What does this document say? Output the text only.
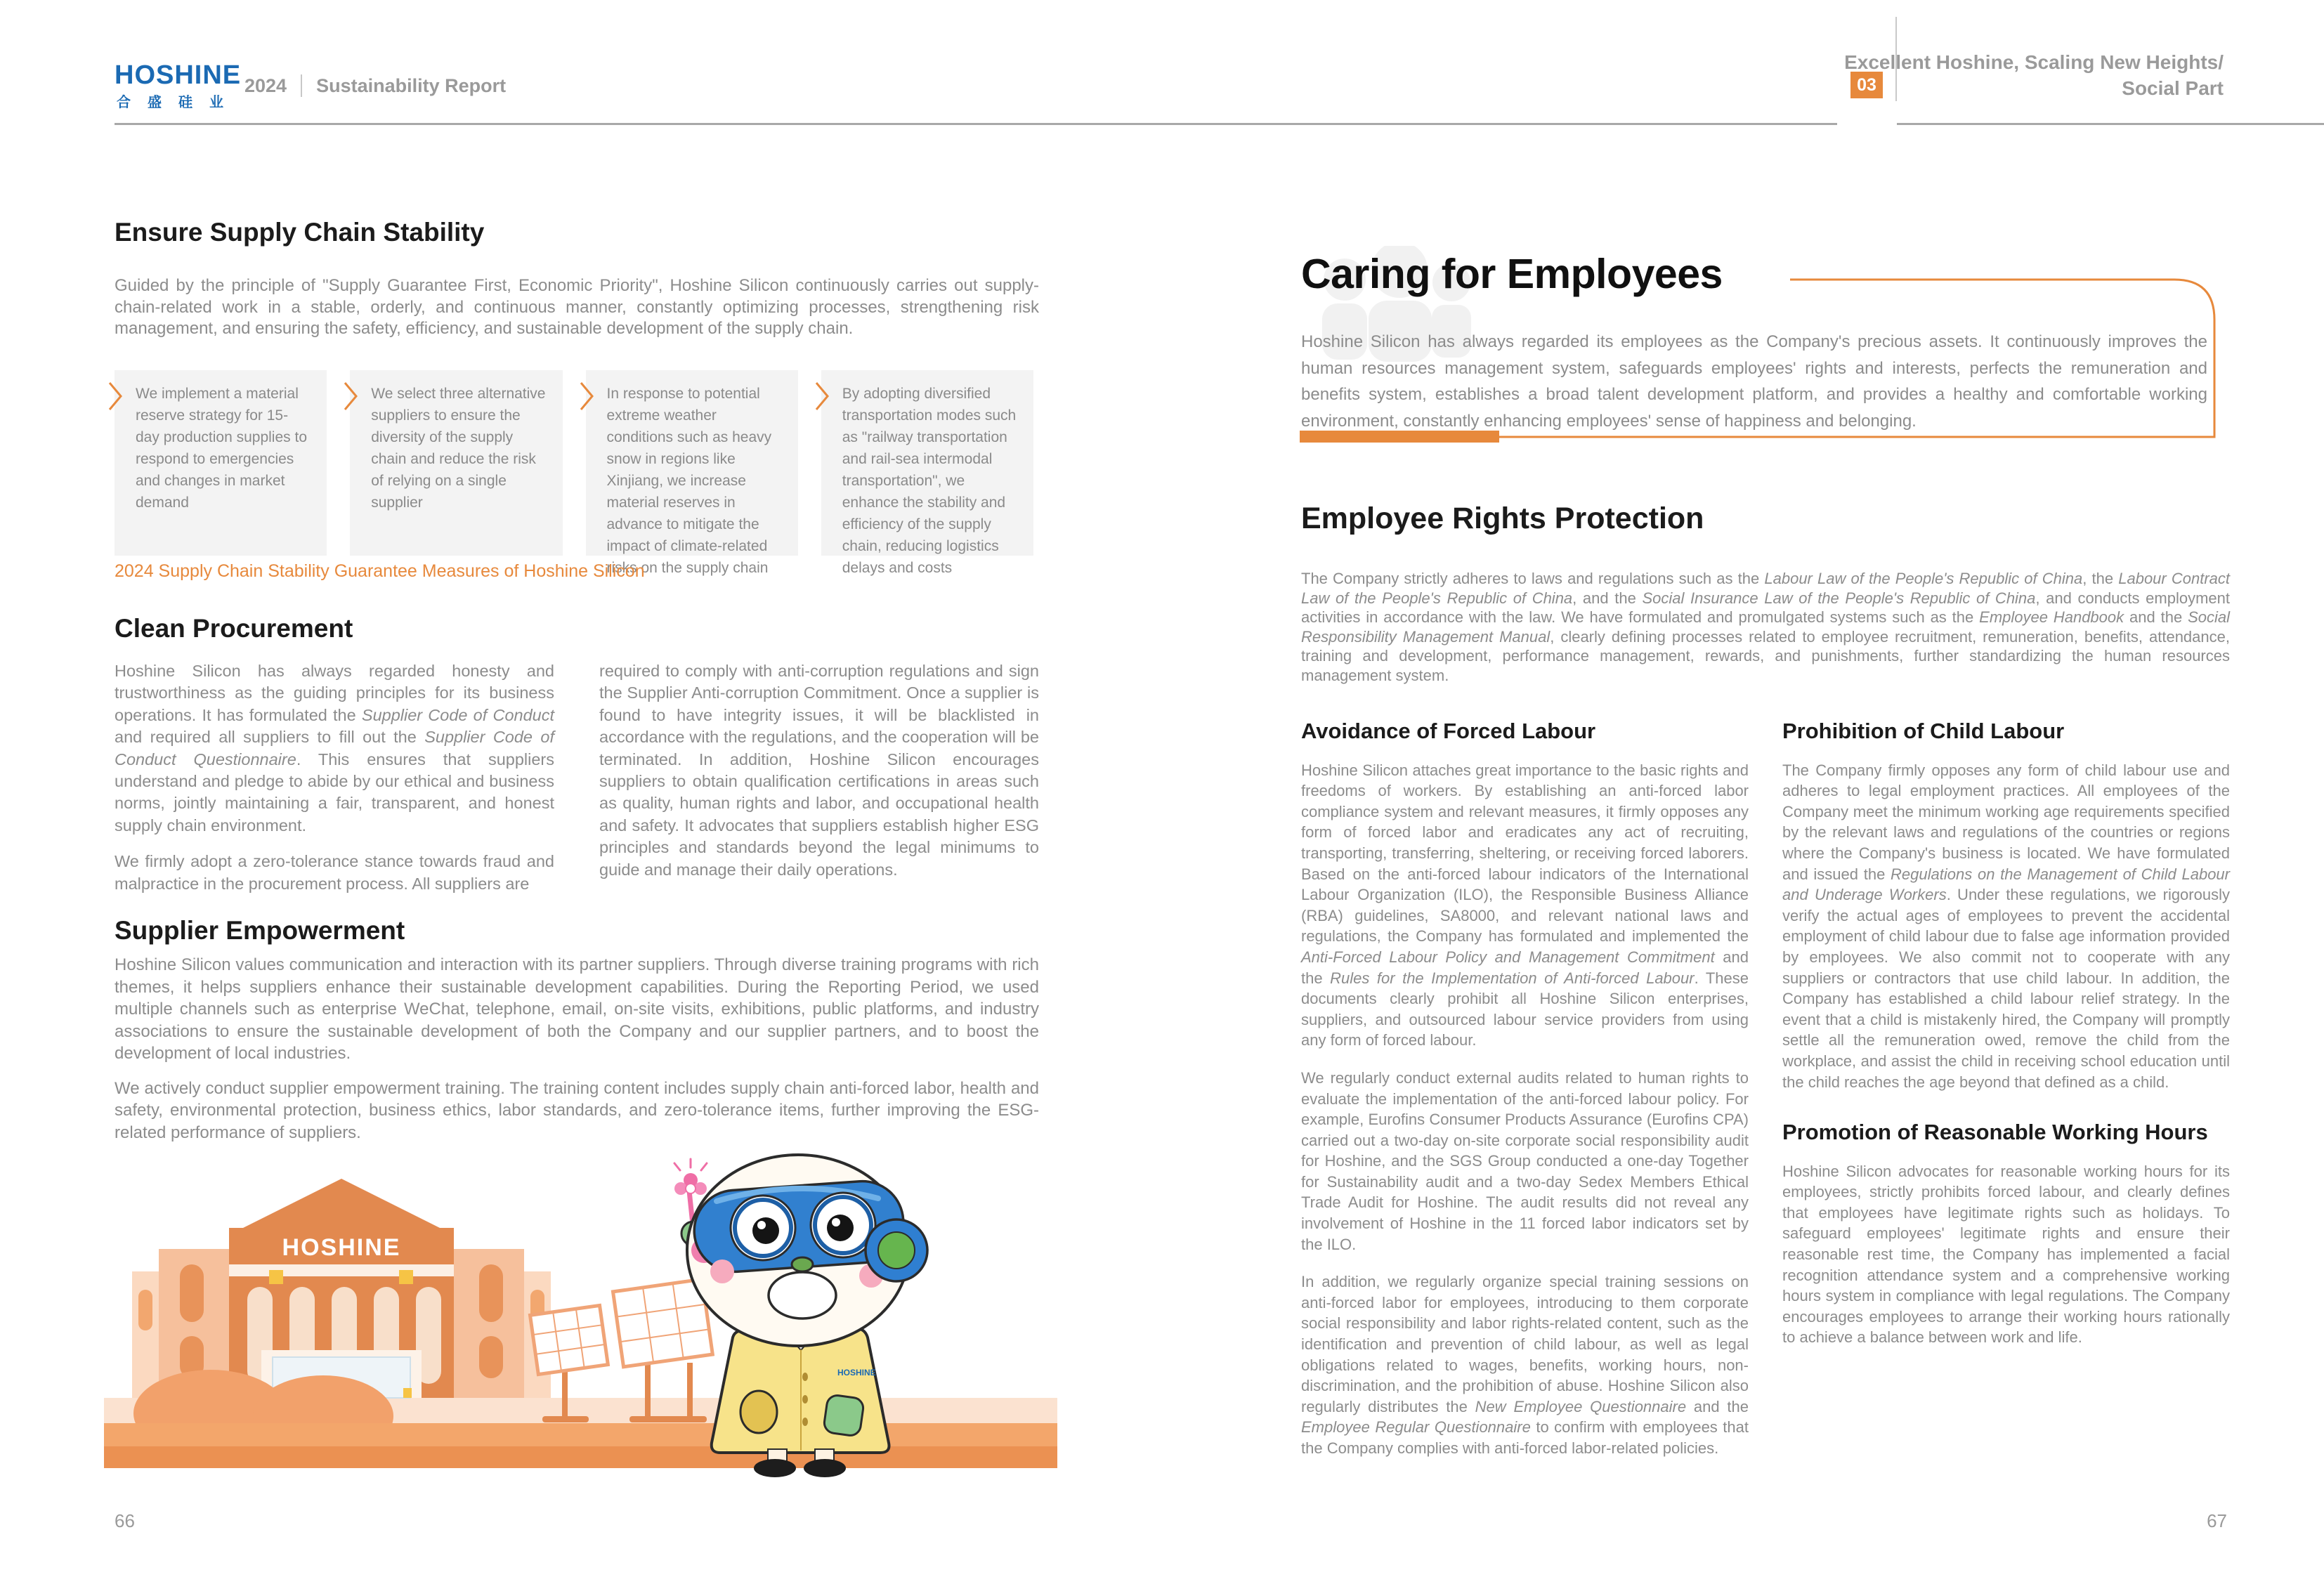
HOSHINE
合盛硅业
2024 Sustainability Report	03
Excellent Hoshine, Scaling New Heights/
Social Part
Ensure Supply Chain Stability
Guided by the principle of "Supply Guarantee First, Economic Priority", Hoshine Silicon continuously carries out supply-chain-related work in a stable, orderly, and continuous manner, constantly optimizing processes, strengthening risk management, and ensuring the safety, efficiency, and sustainable development of the supply chain.
We implement a material reserve strategy for 15-day production supplies to respond to emergencies and changes in market demand
We select three alternative suppliers to ensure the diversity of the supply chain and reduce the risk of relying on a single supplier
In response to potential extreme weather conditions such as heavy snow in regions like Xinjiang, we increase material reserves in advance to mitigate the impact of climate-related risks on the supply chain
By adopting diversified transportation modes such as "railway transportation and rail-sea intermodal transportation", we enhance the stability and efficiency of the supply chain, reducing logistics delays and costs
2024 Supply Chain Stability Guarantee Measures of Hoshine Silicon
Clean Procurement

Hoshine Silicon has always regarded honesty and trustworthiness as the guiding principles for its business operations. It has formulated the Supplier Code of Conduct and required all suppliers to fill out the Supplier Code of Conduct Questionnaire. This ensures that suppliers understand and pledge to abide by our ethical and business norms, jointly maintaining a fair, transparent, and honest supply chain environment.

We firmly adopt a zero-tolerance stance towards fraud and malpractice in the procurement process. All suppliers are

required to comply with anti-corruption regulations and sign the Supplier Anti-corruption Commitment. Once a supplier is found to have integrity issues, it will be blacklisted in accordance with the regulations, and the cooperation will be terminated. In addition, Hoshine Silicon encourages suppliers to obtain qualification certifications in areas such as quality, human rights and labor, and occupational health and safety. It advocates that suppliers establish higher ESG principles and standards beyond the legal minimums to guide and manage their daily operations.

Supplier Empowerment

Hoshine Silicon values communication and interaction with its partner suppliers. Through diverse training programs with rich themes, it helps suppliers enhance their sustainable development capabilities. During the Reporting Period, we used multiple channels such as enterprise WeChat, telephone, email, on-site visits, exhibitions, public platforms, and industry associations to ensure the sustainable development of both the Company and our supplier partners, and to boost the development of local industries.

We actively conduct supplier empowerment training. The training content includes supply chain anti-forced labor, health and safety, environmental protection, business ethics, labor standards, and zero-tolerance items, further improving the ESG-related performance of suppliers.

HOSHINE
HOSHINE
66
Caring for Employees
Hoshine Silicon has always regarded its employees as the Company's precious assets. It continuously improves the human resources management system, safeguards employees' rights and interests, perfects the remuneration and benefits system, establishes a broad talent development platform, and provides a healthy and comfortable working environment, constantly enhancing employees' sense of happiness and belonging.
Employee Rights Protection
The Company strictly adheres to laws and regulations such as the Labour Law of the People's Republic of China, the Labour Contract Law of the People's Republic of China, and the Social Insurance Law of the People's Republic of China, and conducts employment activities in accordance with the law. We have formulated and promulgated systems such as the Employee Handbook and the Social Responsibility Management Manual, clearly defining processes related to employee recruitment, remuneration, benefits, attendance, training and development, performance management, rewards, and punishments, further standardizing the human resources management system.
Avoidance of Forced Labour

Hoshine Silicon attaches great importance to the basic rights and freedoms of workers. By establishing an anti-forced labor compliance system and relevant measures, it firmly opposes any form of forced labor and eradicates any act of recruiting, transporting, transferring, sheltering, or receiving forced laborers. Based on the anti-forced labour indicators of the International Labour Organization (ILO), the Responsible Business Alliance (RBA) guidelines, SA8000, and relevant national laws and regulations, the Company has formulated and implemented the Anti-Forced Labour Policy and Management Commitment and the Rules for the Implementation of Anti-forced Labour. These documents clearly prohibit all Hoshine Silicon enterprises, suppliers, and outsourced labour service providers from using any form of forced labour.

We regularly conduct external audits related to human rights to evaluate the implementation of the anti-forced labour policy. For example, Eurofins Consumer Products Assurance (Eurofins CPA) carried out a two-day on-site corporate social responsibility audit for Hoshine, and the SGS Group conducted a one-day Together for Sustainability audit and a two-day Sedex Members Ethical Trade Audit for Hoshine. The audit results did not reveal any involvement of Hoshine in the 11 forced labor indicators set by the ILO.

In addition, we regularly organize special training sessions on anti-forced labor for employees, introducing to them corporate social responsibility and labor rights-related content, such as the identification and prevention of child labour, as well as legal obligations related to wages, benefits, working hours, non-discrimination, and the prohibition of abuse. Hoshine Silicon also regularly distributes the New Employee Questionnaire and the Employee Regular Questionnaire to confirm with employees that the Company complies with anti-forced labor-related policies.

Prohibition of Child Labour

The Company firmly opposes any form of child labour use and adheres to legal employment practices. All employees of the Company meet the minimum working age requirements specified by the relevant laws and regulations of the countries or regions where the Company's business is located. We have formulated and issued the Regulations on the Management of Child Labour and Underage Workers. Under these regulations, we rigorously verify the actual ages of employees to prevent the accidental employment of child labour due to false age information provided by employees. We also commit not to cooperate with any suppliers or contractors that use child labour. In addition, the Company has established a child labour relief strategy. In the event that a child is mistakenly hired, the Company will promptly settle all the remuneration owed, remove the child from the workplace, and assist the child in receiving school education until the child reaches the age beyond that defined as a child.

Promotion of Reasonable Working Hours

Hoshine Silicon advocates for reasonable working hours for its employees, strictly prohibits forced labour, and clearly defines that employees have legitimate rights such as holidays. To safeguard employees' legitimate rights and ensure their reasonable rest time, the Company has implemented a facial recognition attendance system and a comprehensive working hours system in compliance with legal regulations. The Company encourages employees to arrange their working hours rationally to achieve a balance between work and life.

67
